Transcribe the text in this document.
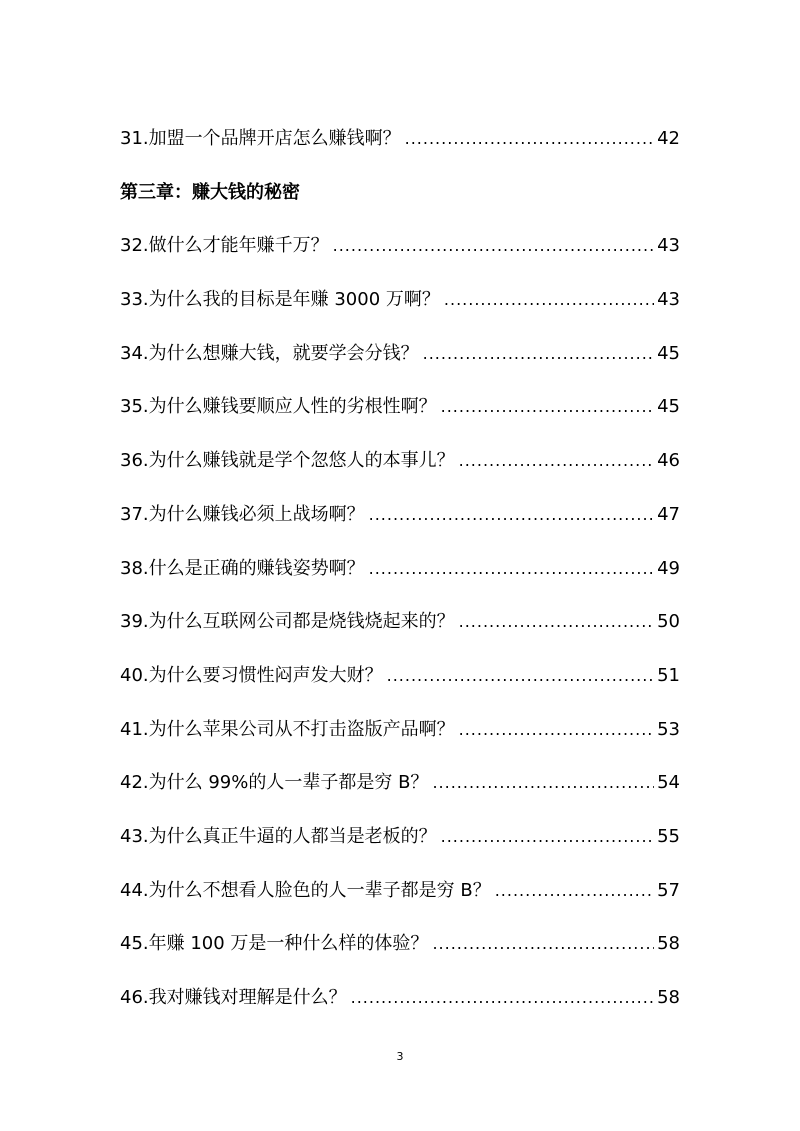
31.加盟一个品牌开店怎么赚钱啊？ .....	42
第三章：赚大钱的秘密
32.做什么才能年赚千万？ .....	43
33.为什么我的目标是年赚 3000 万啊？ .....	43
34.为什么想赚大钱，就要学会分钱？ .....	45
35.为什么赚钱要顺应人性的劣根性啊？ .....	45
36.为什么赚钱就是学个忽悠人的本事儿？ .....	46
37.为什么赚钱必须上战场啊？ .....	47
38.什么是正确的赚钱姿势啊？ .....	49
39.为什么互联网公司都是烧钱烧起来的？ .....	50
40.为什么要习惯性闷声发大财？ .....	51
41.为什么苹果公司从不打击盗版产品啊？ .....	53
42.为什么 99%的人一辈子都是穷 B？ .....	54
43.为什么真正牛逼的人都当是老板的？ .....	55
44.为什么不想看人脸色的人一辈子都是穷 B？ .....	57
45.年赚 100 万是一种什么样的体验？ .....	58
46.我对赚钱对理解是什么？ .....	58
3
